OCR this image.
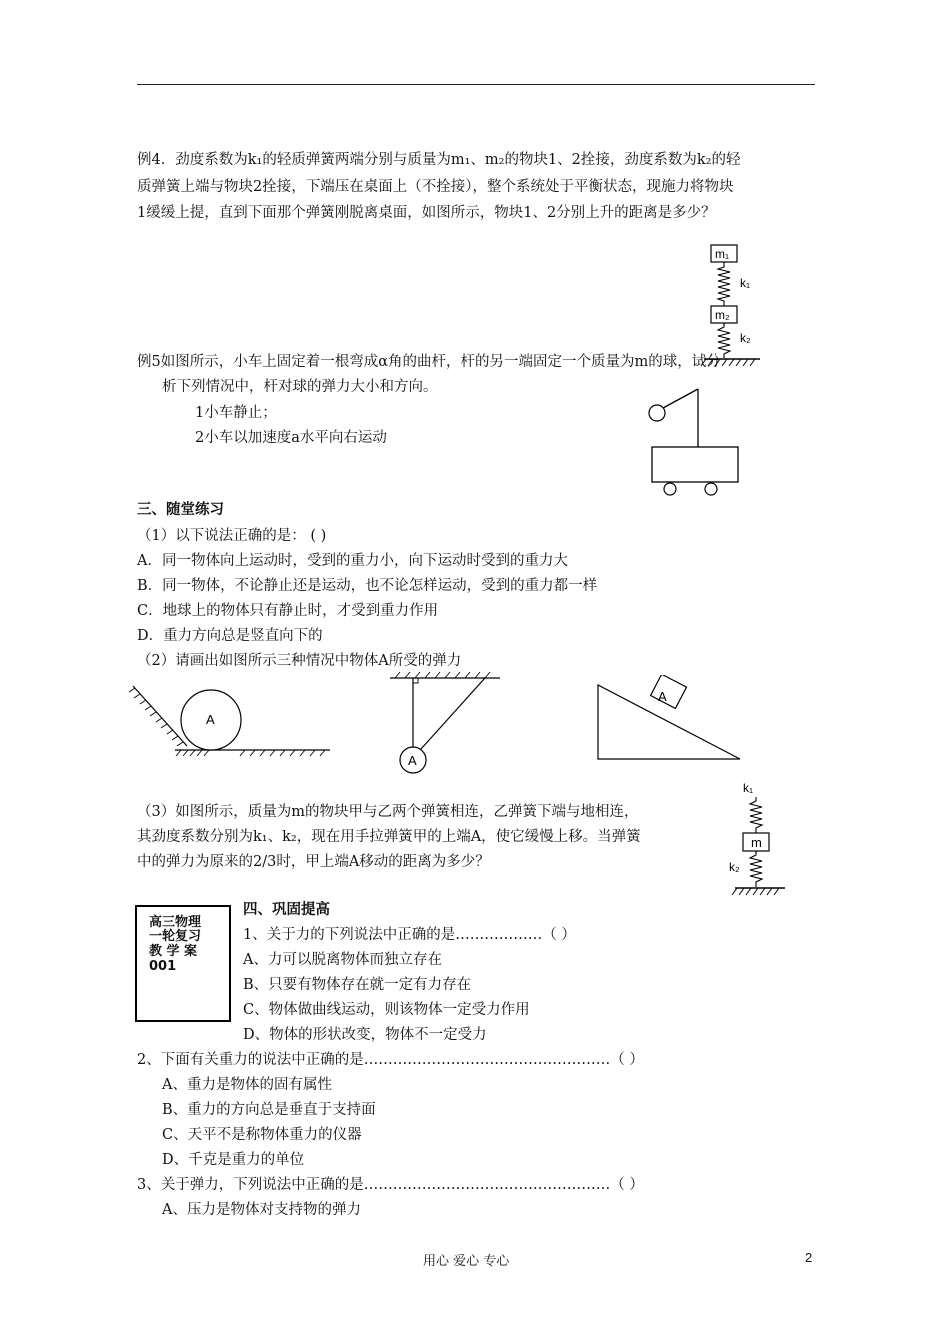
例4．劲度系数为k₁的轻质弹簧两端分别与质量为m₁、m₂的物块1、2拴接，劲度系数为k₂的轻
质弹簧上端与物块2拴接，下端压在桌面上（不拴接），整个系统处于平衡状态，现施力将物块
1缓缓上提，直到下面那个弹簧刚脱离桌面，如图所示，物块1、2分别上升的距离是多少？
m₁
k₁
m₂
k₂
例5如图所示，小车上固定着一根弯成α角的曲杆，杆的另一端固定一个质量为m的球，试分
析下列情况中，杆对球的弹力大小和方向。
1小车静止；
2小车以加速度a水平向右运动
三、随堂练习
（1）以下说法正确的是： ( )
A．同一物体向上运动时，受到的重力小，向下运动时受到的重力大
B．同一物体，不论静止还是运动，也不论怎样运动，受到的重力都一样
C．地球上的物体只有静止时，才受到重力作用
D．重力方向总是竖直向下的
（2）请画出如图所示三种情况中物体A所受的弹力
A
A
A
（3）如图所示，质量为m的物块甲与乙两个弹簧相连，乙弹簧下端与地相连，
其劲度系数分别为k₁、k₂，现在用手拉弹簧甲的上端A，使它缓慢上移。当弹簧
中的弹力为原来的2/3时，甲上端A移动的距离为多少？
k₁
m
k₂
高三物理
一轮复习
教 学 案
001
四、巩固提高
1、关于力的下列说法中正确的是………………（ ）
A、力可以脱离物体而独立存在
B、只要有物体存在就一定有力存在
C、物体做曲线运动，则该物体一定受力作用
D、物体的形状改变，物体不一定受力
2、下面有关重力的说法中正确的是……………………………………………（ ）
A、重力是物体的固有属性
B、重力的方向总是垂直于支持面
C、天平不是称物体重力的仪器
D、千克是重力的单位
3、关于弹力，下列说法中正确的是……………………………………………（ ）
A、压力是物体对支持物的弹力
用心 爱心 专心	2
